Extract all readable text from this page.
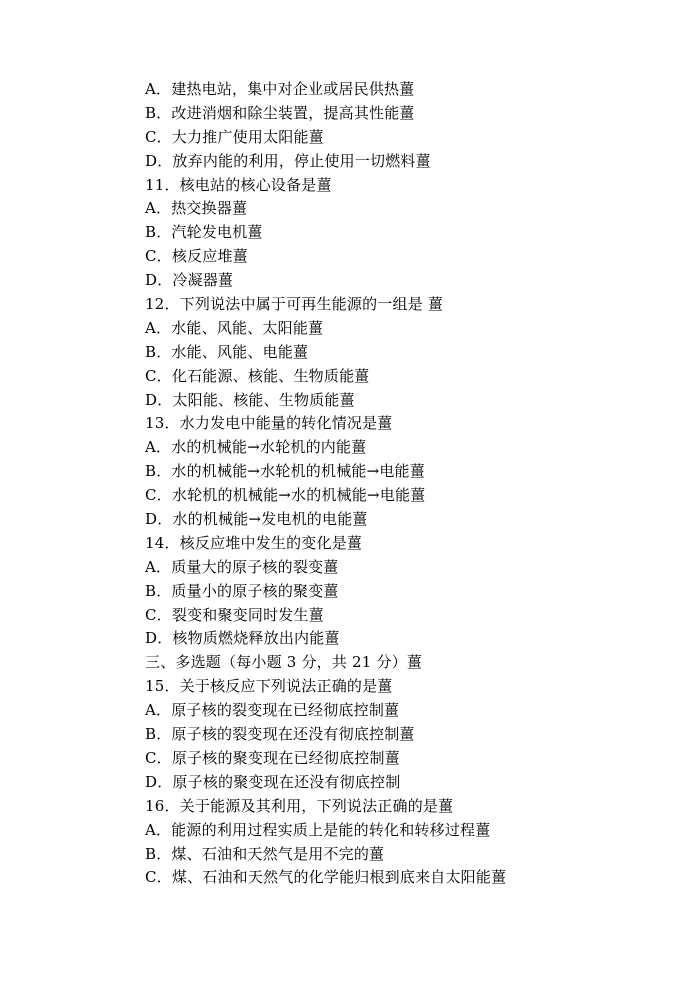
A．建热电站，集中对企业或居民供热薑
B．改进消烟和除尘装置，提高其性能薑
C．大力推广使用太阳能薑
D．放弃内能的利用，停止使用一切燃料薑
11．核电站的核心设备是薑
A．热交换器薑
B．汽轮发电机薑
C．核反应堆薑
D．冷凝器薑
12．下列说法中属于可再生能源的一组是 薑
A．水能、风能、太阳能薑
B．水能、风能、电能薑
C．化石能源、核能、生物质能薑
D．太阳能、核能、生物质能薑
13．水力发电中能量的转化情况是薑
A．水的机械能→水轮机的内能薑
B．水的机械能→水轮机的机械能→电能薑
C．水轮机的机械能→水的机械能→电能薑
D．水的机械能→发电机的电能薑
14．核反应堆中发生的变化是薑
A．质量大的原子核的裂变薑
B．质量小的原子核的聚变薑
C．裂变和聚变同时发生薑
D．核物质燃烧释放出内能薑
三、多选题（每小题 3 分，共 21 分）薑
15．关于核反应下列说法正确的是薑
A．原子核的裂变现在已经彻底控制薑
B．原子核的裂变现在还没有彻底控制薑
C．原子核的聚变现在已经彻底控制薑
D．原子核的聚变现在还没有彻底控制
16．关于能源及其利用，下列说法正确的是薑
A．能源的利用过程实质上是能的转化和转移过程薑
B．煤、石油和天然气是用不完的薑
C．煤、石油和天然气的化学能归根到底来自太阳能薑
